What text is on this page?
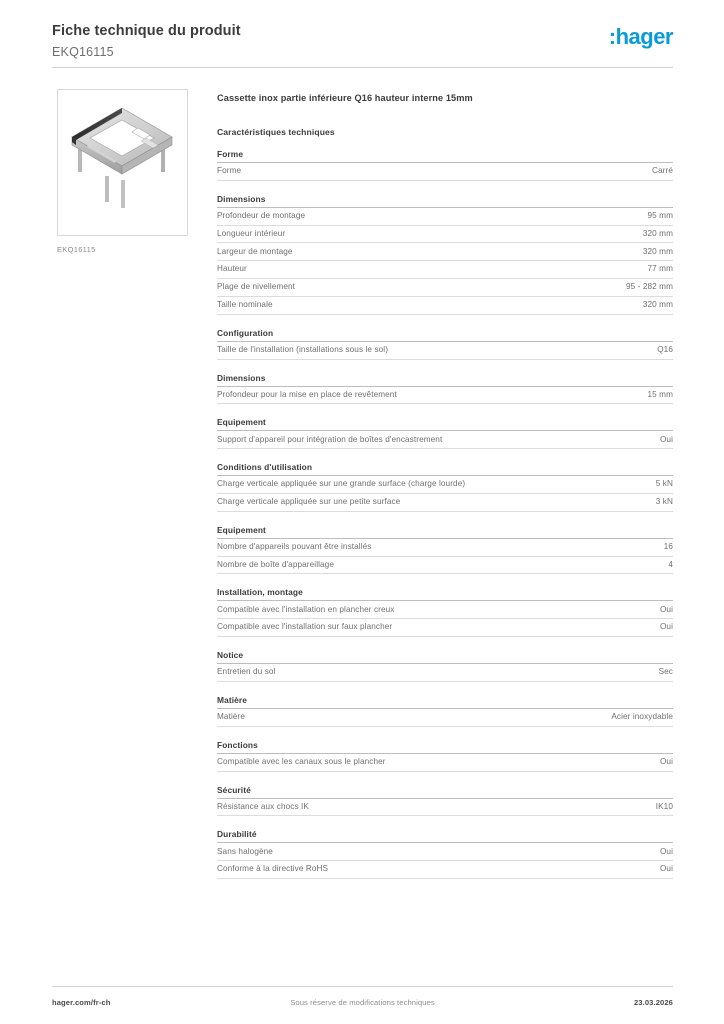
Fiche technique du produit
EKQ16115
:hager
EKQ16115
Cassette inox partie inférieure Q16 hauteur interne 15mm
Caractéristiques techniques
Forme
Forme	Carré
Dimensions
Profondeur de montage	95 mm
Longueur intérieur	320 mm
Largeur de montage	320 mm
Hauteur	77 mm
Plage de nivellement	95 - 282 mm
Taille nominale	320 mm
Configuration
Taille de l'installation (installations sous le sol)	Q16
Dimensions
Profondeur pour la mise en place de revêtement	15 mm
Equipement
Support d'appareil pour intégration de boîtes d'encastrement	Oui
Conditions d'utilisation
Charge verticale appliquée sur une grande surface (charge lourde)	5 kN
Charge verticale appliquée sur une petite surface	3 kN
Equipement
Nombre d'appareils pouvant être installés	16
Nombre de boîte d'appareillage	4
Installation, montage
Compatible avec l'installation en plancher creux	Oui
Compatible avec l'installation sur faux plancher	Oui
Notice
Entretien du sol	Sec
Matière
Matière	Acier inoxydable
Fonctions
Compatible avec les canaux sous le plancher	Oui
Sécurité
Résistance aux chocs IK	IK10
Durabilité
Sans halogène	Oui
Conforme à la directive RoHS	Oui
hager.com/fr-ch	Sous réserve de modifications techniques	23.03.2026
